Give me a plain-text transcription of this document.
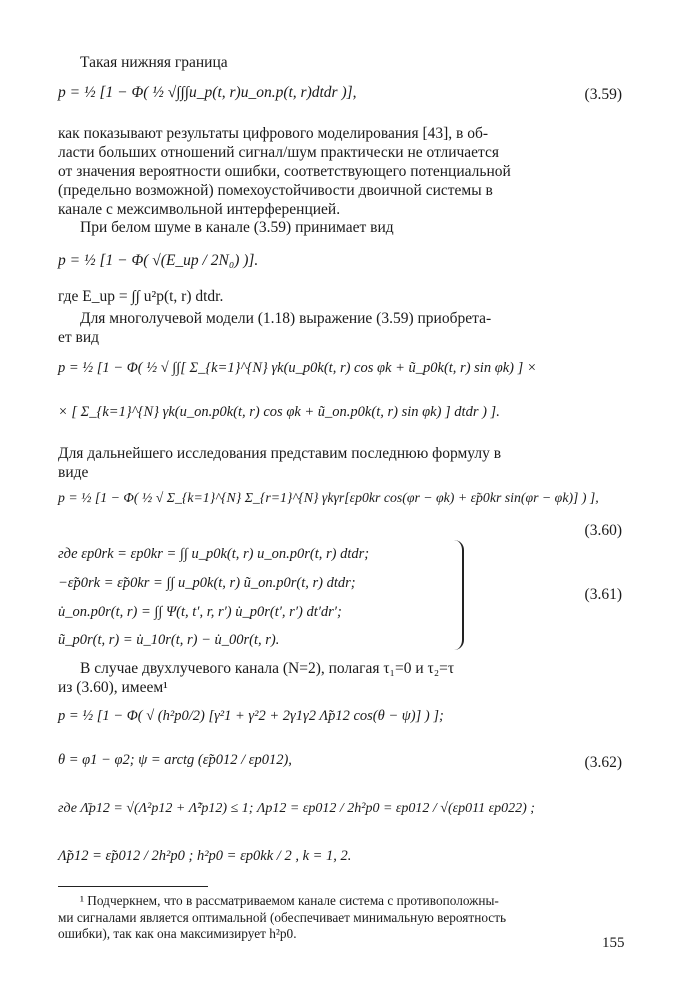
Такая нижняя граница
p = ½ [1 − Φ( ½ √∫∫∫u_p(t, r)u_оп.р(t, r)dtdr )],	(3.59)
как показывают результаты цифрового моделирования [43], в об-
ласти больших отношений сигнал/шум практически не отличается
от значения вероятности ошибки, соответствующего потенциальной
(предельно возможной) помехоустойчивости двоичной системы в
канале с межсимвольной интерференцией.
При белом шуме в канале (3.59) принимает вид
p = ½ [1 − Φ( √(E_up / 2N₀) )].
где E_up = ∫∫ u²p(t, r) dtdr.
Для многолучевой модели (1.18) выражение (3.59) приобрета-
ет вид
p = ½ [1 − Φ( ½ √ ∫∫[ Σ_{k=1}^{N} γk(u_p0k(t, r) cos φk + ũ_p0k(t, r) sin φk) ] ×
× [ Σ_{k=1}^{N} γk(u_оп.p0k(t, r) cos φk + ũ_оп.p0k(t, r) sin φk) ] dtdr ) ].
Для дальнейшего исследования представим последнюю формулу в
виде
p = ½ [1 − Φ( ½ √ Σ_{k=1}^{N} Σ_{r=1}^{N} γkγr[εp0kr cos(φr − φk) + ε̃p0kr sin(φr − φk)] ) ],
(3.60)
где εp0rk = εp0kr = ∫∫ u_p0k(t, r) u_оп.p0r(t, r) dtdr;
−ε̃p0rk = ε̃p0kr = ∫∫ u_p0k(t, r) ũ_оп.p0r(t, r) dtdr;
u̇_оп.p0r(t, r) = ∫∫ Ψ(t, t′, r, r′) u̇_p0r(t′, r′) dt′dr′;
ũ_p0r(t, r) = u̇_10r(t, r) − u̇_00r(t, r).
(3.61)
В случае двухлучевого канала (N=2), полагая τ₁=0 и τ₂=τ
из (3.60), имеем¹
p = ½ [1 − Φ( √ (h²p0/2) [γ²1 + γ²2 + 2γ1γ2 Λ̃p12 cos(θ − ψ)] ) ];
θ = φ1 − φ2; ψ = arctg (ε̃p012 / εp012),	(3.62)
где Λ̄p12 = √(Λ²p12 + Λ̃²p12) ≤ 1; Λp12 = εp012 / 2h²p0 = εp012 / √(εp011 εp022) ;
Λ̃p12 = ε̃p012 / 2h²p0 ; h²p0 = εp0kk / 2 , k = 1, 2.
¹ Подчеркнем, что в рассматриваемом канале система с противоположны-
ми сигналами является оптимальной (обеспечивает минимальную вероятность
ошибки), так как она максимизирует h²p0.
155
